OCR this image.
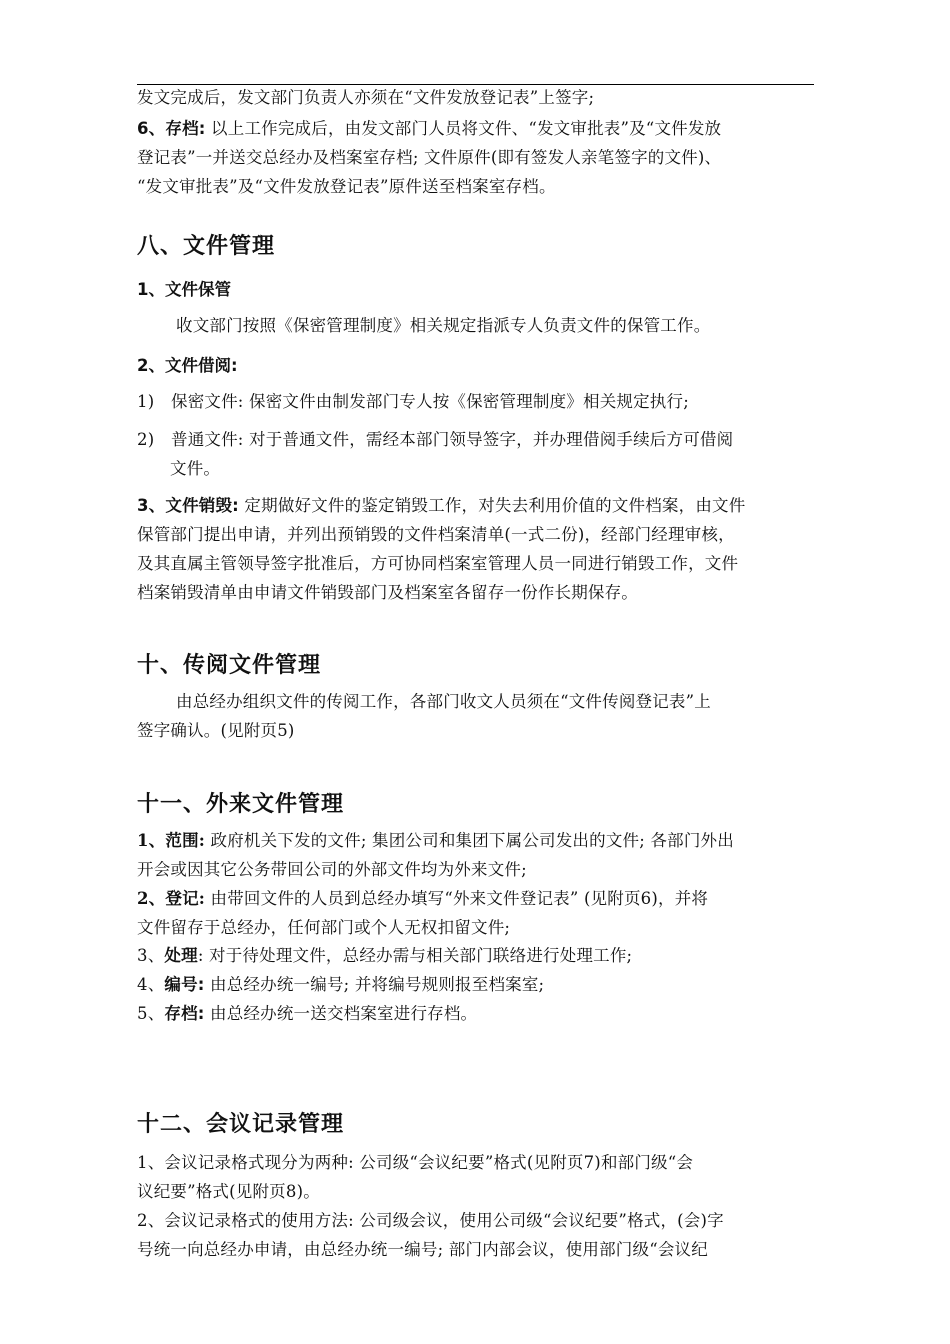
发文完成后，发文部门负责人亦须在“文件发放登记表”上签字;
6、存档: 以上工作完成后，由发文部门人员将文件、“发文审批表”及“文件发放
登记表”一并送交总经办及档案室存档; 文件原件(即有签发人亲笔签字的文件)、
“发文审批表”及“文件发放登记表”原件送至档案室存档。
八、文件管理
1、文件保管
收文部门按照《保密管理制度》相关规定指派专人负责文件的保管工作。
2、文件借阅:
1) 保密文件: 保密文件由制发部门专人按《保密管理制度》相关规定执行;
2) 普通文件: 对于普通文件，需经本部门领导签字，并办理借阅手续后方可借阅
文件。
3、文件销毁: 定期做好文件的鉴定销毁工作，对失去利用价值的文件档案，由文件
保管部门提出申请，并列出预销毁的文件档案清单(一式二份)，经部门经理审核，
及其直属主管领导签字批准后，方可协同档案室管理人员一同进行销毁工作，文件
档案销毁清单由申请文件销毁部门及档案室各留存一份作长期保存。
十、传阅文件管理
由总经办组织文件的传阅工作，各部门收文人员须在“文件传阅登记表”上
签字确认。(见附页5)
十一、外来文件管理
1、范围: 政府机关下发的文件; 集团公司和集团下属公司发出的文件; 各部门外出
开会或因其它公务带回公司的外部文件均为外来文件;
2、登记: 由带回文件的人员到总经办填写“外来文件登记表” (见附页6)，并将
文件留存于总经办，任何部门或个人无权扣留文件;
3、处理: 对于待处理文件，总经办需与相关部门联络进行处理工作;
4、编号: 由总经办统一编号; 并将编号规则报至档案室;
5、存档: 由总经办统一送交档案室进行存档。
十二、会议记录管理
1、会议记录格式现分为两种: 公司级“会议纪要”格式(见附页7)和部门级“会
议纪要”格式(见附页8)。
2、会议记录格式的使用方法: 公司级会议，使用公司级“会议纪要”格式，(会)字
号统一向总经办申请，由总经办统一编号; 部门内部会议，使用部门级“会议纪
